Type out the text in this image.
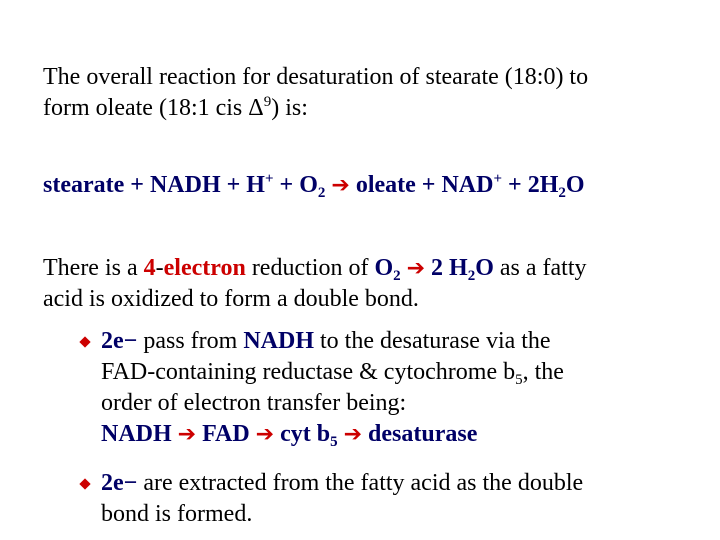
The overall reaction for desaturation of stearate (18:0) to
form oleate (18:1 cis $\Delta^9$) is:
stearate + NADH + $H^+ + O_2$ ➔ oleate + $NAD^+ + 2H_2O$
There is a 4-electron reduction of $O_2$ ➔ 2 $H_2O$ as a fatty
acid is oxidized to form a double bond.
2e− pass from NADH to the desaturase via the
FAD-containing reductase & cytochrome $b_5$, the
order of electron transfer being:
NADH ➔ FAD ➔ cyt $b_5$ ➔ desaturase
2e− are extracted from the fatty acid as the double
bond is formed.
